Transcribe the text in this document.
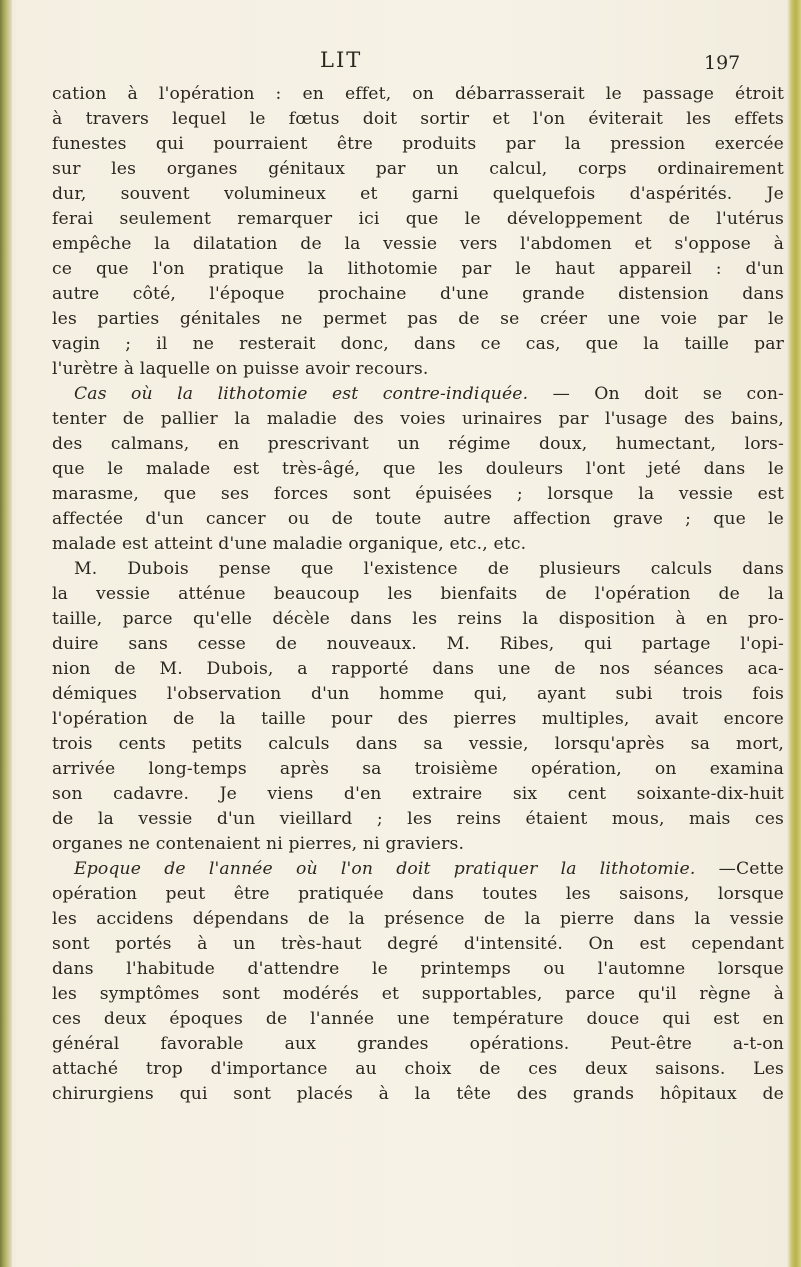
LIT	197
cation à l'opération : en effet, on débarrasserait le passage étroit
à travers lequel le fœtus doit sortir et l'on éviterait les effets
funestes qui pourraient être produits par la pression exercée
sur les organes génitaux par un calcul, corps ordinairement
dur, souvent volumineux et garni quelquefois d'aspérités. Je
ferai seulement remarquer ici que le développement de l'utérus
empêche la dilatation de la vessie vers l'abdomen et s'oppose à
ce que l'on pratique la lithotomie par le haut appareil : d'un
autre côté, l'époque prochaine d'une grande distension dans
les parties génitales ne permet pas de se créer une voie par le
vagin ; il ne resterait donc, dans ce cas, que la taille par
l'urètre à laquelle on puisse avoir recours.
Cas où la lithotomie est contre-indiquée. — On doit se con-
tenter de pallier la maladie des voies urinaires par l'usage des bains,
des calmans, en prescrivant un régime doux, humectant, lors-
que le malade est très-âgé, que les douleurs l'ont jeté dans le
marasme, que ses forces sont épuisées ; lorsque la vessie est
affectée d'un cancer ou de toute autre affection grave ; que le
malade est atteint d'une maladie organique, etc., etc.
M. Dubois pense que l'existence de plusieurs calculs dans
la vessie atténue beaucoup les bienfaits de l'opération de la
taille, parce qu'elle décèle dans les reins la disposition à en pro-
duire sans cesse de nouveaux. M. Ribes, qui partage l'opi-
nion de M. Dubois, a rapporté dans une de nos séances aca-
démiques l'observation d'un homme qui, ayant subi trois fois
l'opération de la taille pour des pierres multiples, avait encore
trois cents petits calculs dans sa vessie, lorsqu'après sa mort,
arrivée long-temps après sa troisième opération, on examina
son cadavre. Je viens d'en extraire six cent soixante-dix-huit
de la vessie d'un vieillard ; les reins étaient mous, mais ces
organes ne contenaient ni pierres, ni graviers.
Epoque de l'année où l'on doit pratiquer la lithotomie. —Cette
opération peut être pratiquée dans toutes les saisons, lorsque
les accidens dépendans de la présence de la pierre dans la vessie
sont portés à un très-haut degré d'intensité. On est cependant
dans l'habitude d'attendre le printemps ou l'automne lorsque
les symptômes sont modérés et supportables, parce qu'il règne à
ces deux époques de l'année une température douce qui est en
général favorable aux grandes opérations. Peut-être a-t-on
attaché trop d'importance au choix de ces deux saisons. Les
chirurgiens qui sont placés à la tête des grands hôpitaux de
